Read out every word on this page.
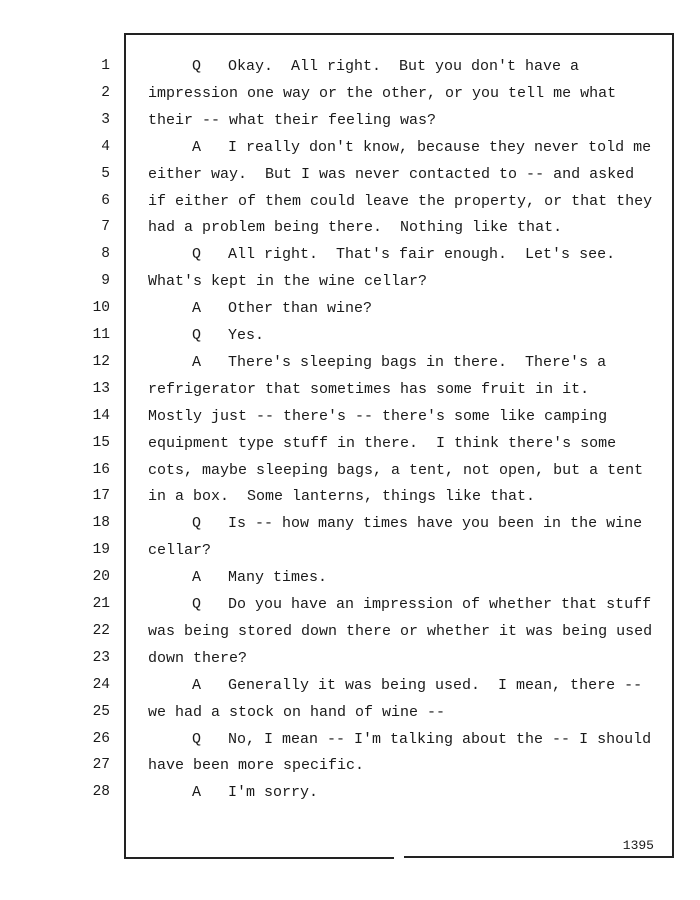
1	Q   Okay.  All right.  But you don't have a
2	impression one way or the other, or you tell me what
3	their -- what their feeling was?
4	A   I really don't know, because they never told me
5	either way.  But I was never contacted to -- and asked
6	if either of them could leave the property, or that they
7	had a problem being there.  Nothing like that.
8	Q   All right.  That's fair enough.  Let's see.
9	What's kept in the wine cellar?
10	A   Other than wine?
11	Q   Yes.
12	A   There's sleeping bags in there.  There's a
13	refrigerator that sometimes has some fruit in it.
14	Mostly just -- there's -- there's some like camping
15	equipment type stuff in there.  I think there's some
16	cots, maybe sleeping bags, a tent, not open, but a tent
17	in a box.  Some lanterns, things like that.
18	Q   Is -- how many times have you been in the wine
19	cellar?
20	A   Many times.
21	Q   Do you have an impression of whether that stuff
22	was being stored down there or whether it was being used
23	down there?
24	A   Generally it was being used.  I mean, there --
25	we had a stock on hand of wine --
26	Q   No, I mean -- I'm talking about the -- I should
27	have been more specific.
28	A   I'm sorry.
1395
